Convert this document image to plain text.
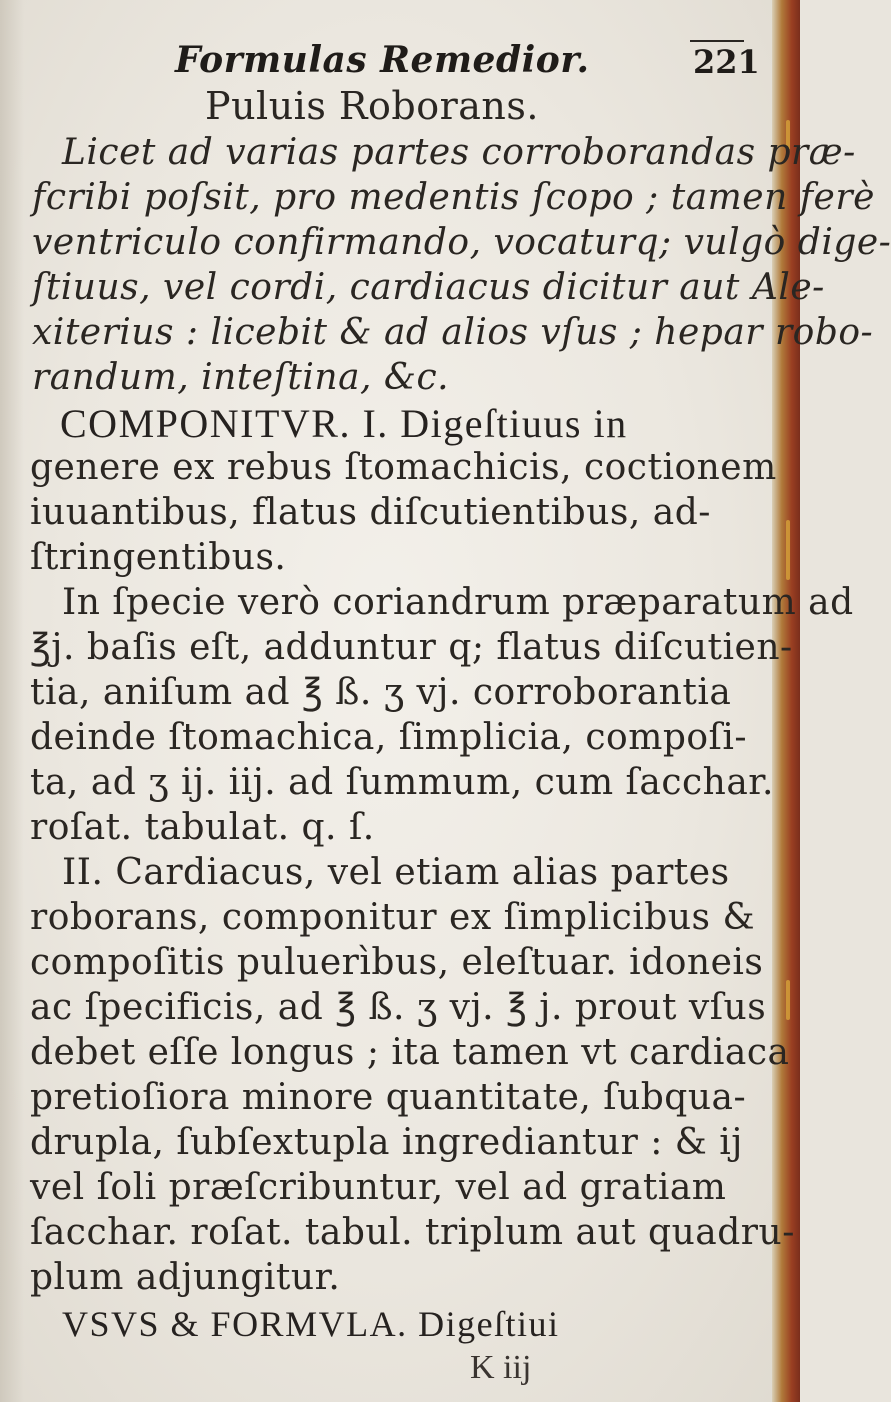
Formulas Remedior.	221
Puluis Roborans.
Licet ad varias partes corroborandas præ-
fcribi poſsit, pro medentis ſcopo ; tamen ferè
ventriculo confirmando, vocaturq; vulgò dige-
ſtiuus, vel cordi, cardiacus dicitur aut Ale-
xiterius : licebit & ad alios vſus ; hepar robo-
randum, inteſtina, &c.
COMPONITVR. I. Digeſtiuus in
genere ex rebus ſtomachicis, coctionem
iuuantibus, flatus diſcutientibus, ad-
ſtringentibus.
In ſpecie verò coriandrum præparatum ad
℥j. baſis eſt, adduntur q; flatus diſcutien-
tia, aniſum ad ℥ ß. ʒ vj. corroborantia
deinde ſtomachica, ſimplicia, compoſi-
ta, ad ʒ ij. iij. ad ſummum, cum ſacchar.
roſat. tabulat. q. ſ.
II. Cardiacus, vel etiam alias partes
roborans, componitur ex ſimplicibus &
compoſitis puluerìbus, eleſtuar. idoneis
ac ſpecificis, ad ℥ ß. ʒ vj. ℥ j. prout vſus
debet eſſe longus ; ita tamen vt cardiaca
pretioſiora minore quantitate, ſubqua-
drupla, ſubſextupla ingrediantur : & ij
vel ſoli præſcribuntur, vel ad gratiam
ſacchar. roſat. tabul. triplum aut quadru-
plum adjungitur.
VSVS & FORMVLA. Digeſtiui
K iij
